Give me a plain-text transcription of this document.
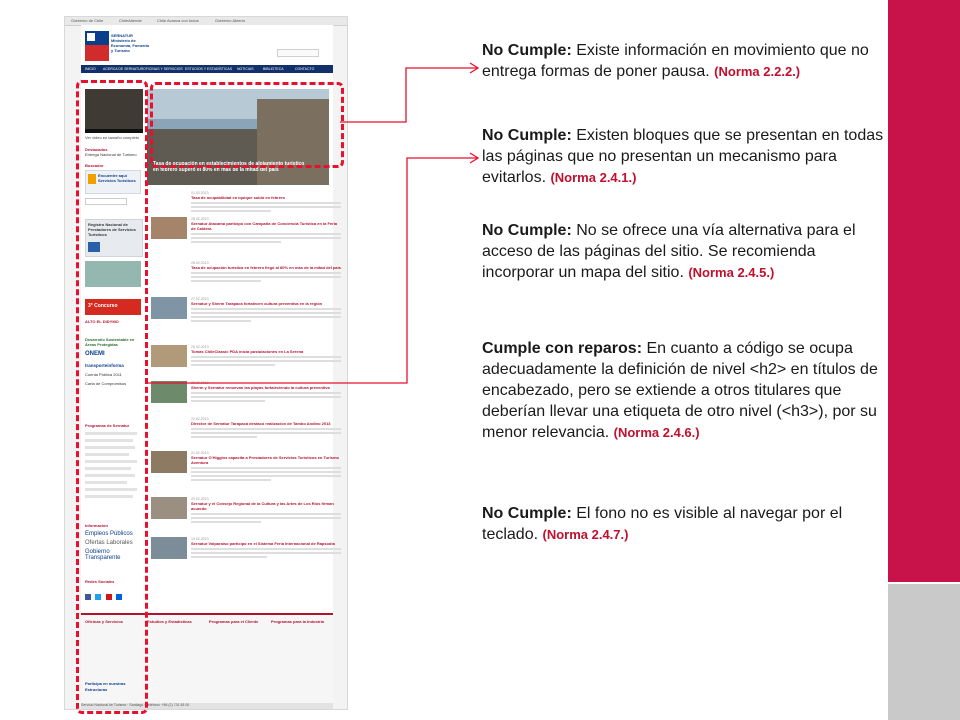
Gobierno de Chile	ChileAtiende	Chile Avanza con todos	Gobierno Abierto
SERNATUR Ministerio de Economía, Fomento y Turismo
INICIO ACERCA DE SERNATUR OFICINAS Y SERVICIOS ESTUDIOS Y ESTADÍSTICAS NOTICIAS	BIBLIOTECA	CONTACTO
Ver video en tamaño completo
Destacados
Entrega Nacional de Turismo
Buscador
Encuentre aquí Servicios Turísticos
Registro Nacional de Prestadores de Servicios Turísticos
3° Concurso
ALTO EL DIDYMO
Desarrollo Sustentable en Áreas Protegidas
ONEMI
transporteinforma
Cuenta Pública 2011
Carta de Compromisos
Programas de Sernatur
Información
Empleos Públicos
Ofertas Laborales
Gobierno Transparente
Redes Sociales

Tasa de ocupación en establecimientos de alojamiento turístico en febrero superó el 80% en más de la mitad del país
01.03.2013
Tasa de ocupabilidad en Iquique subió en febrero
28.02.2013
Sernatur Atacama participó con Campaña de Conciencia Turística en la Feria de Caldera
28.02.2013
Tasa de ocupación turística en febrero llegó al 80% en más de la mitad del país
27.02.2013
Sernatur y Sherm Tarapacá fortalecen cultura preventiva en la región
26.02.2013
Tomas ChileClassic PDA inicia postulaciones en La Serena
25.02.2013
Sherm y Sernatur renuevan las playas fortaleciendo la cultura preventiva
22.02.2013
Director de Sernatur Tarapacá destacó realización de Tambo Andino 2013
21.02.2013
Sernatur O'Higgins capacita a Prestadores de Servicios Turísticos en Turismo Aventura
20.02.2013
Sernatur y el Consejo Regional de la Cultura y las Artes de Los Ríos firman acuerdo
19.02.2013
Sernatur Valparaíso participó en el Sistema Feria Internacional de Rapsodia
Oficinas y Servicios	Estudios y Estadísticas	Programas para el Cliente	Programas para la Industria
Participa en nuestras Estructuras
Servicio Nacional de Turismo · Santiago · Teléfono: +56 (2) 731 83 00
No Cumple: Existe información en movimiento que no entrega formas de poner pausa. (Norma 2.2.2.)
No Cumple: Existen bloques que se presentan en todas las páginas que no presentan un mecanismo para evitarlos. (Norma 2.4.1.)
No Cumple: No se ofrece una vía alternativa para el acceso de las páginas del sitio. Se recomienda incorporar un mapa del sitio. (Norma 2.4.5.)
Cumple con reparos: En cuanto a código se ocupa adecuadamente la definición de nivel <h2> en títulos de encabezado, pero se extiende a otros titulares que deberían llevar una etiqueta de otro nivel (<h3>), por su menor relevancia. (Norma 2.4.6.)
No Cumple: El fono no es visible al navegar por el teclado. (Norma 2.4.7.)
